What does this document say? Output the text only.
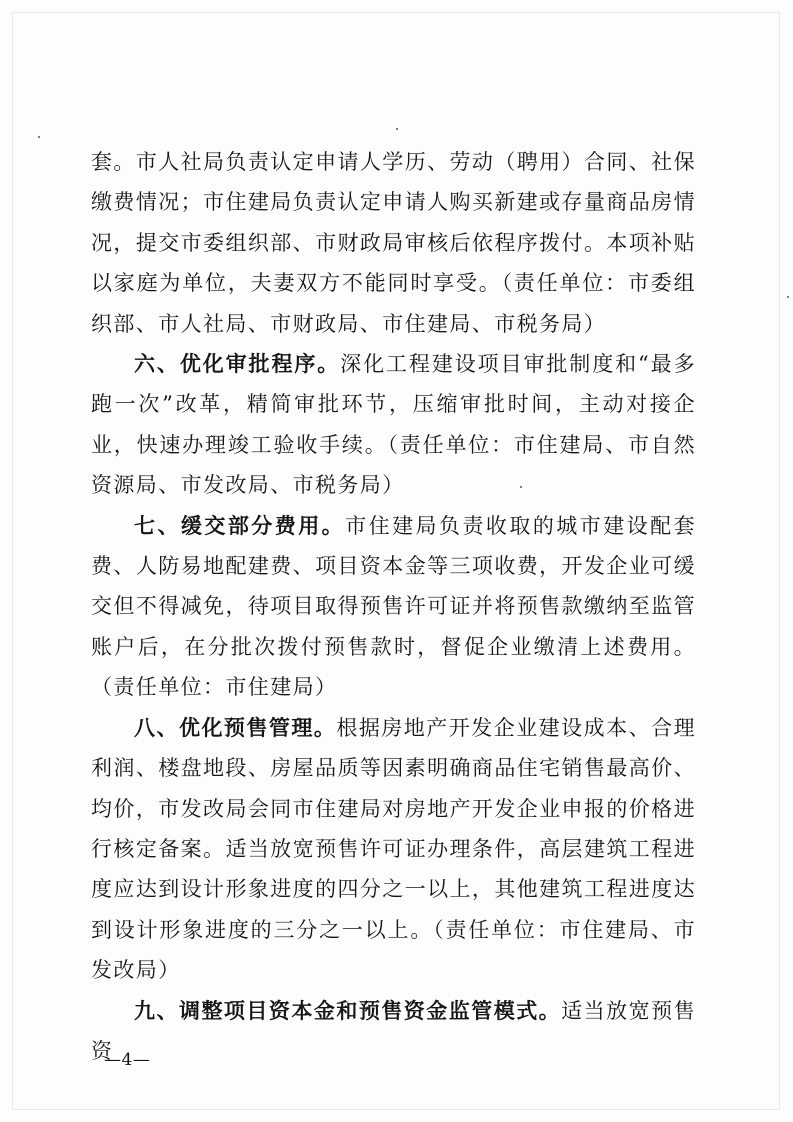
套。市人社局负责认定申请人学历、劳动（聘用）合同、社保缴费情况；市住建局负责认定申请人购买新建或存量商品房情况，提交市委组织部、市财政局审核后依程序拨付。本项补贴以家庭为单位，夫妻双方不能同时享受。（责任单位：市委组织部、市人社局、市财政局、市住建局、市税务局）

六、优化审批程序。深化工程建设项目审批制度和“最多跑一次”改革，精简审批环节，压缩审批时间，主动对接企业，快速办理竣工验收手续。（责任单位：市住建局、市自然资源局、市发改局、市税务局）

七、缓交部分费用。市住建局负责收取的城市建设配套费、人防易地配建费、项目资本金等三项收费，开发企业可缓交但不得减免，待项目取得预售许可证并将预售款缴纳至监管账户后，在分批次拨付预售款时，督促企业缴清上述费用。（责任单位：市住建局）

八、优化预售管理。根据房地产开发企业建设成本、合理利润、楼盘地段、房屋品质等因素明确商品住宅销售最高价、均价，市发改局会同市住建局对房地产开发企业申报的价格进行核定备案。适当放宽预售许可证办理条件，高层建筑工程进度应达到设计形象进度的四分之一以上，其他建筑工程进度达到设计形象进度的三分之一以上。（责任单位：市住建局、市发改局）

九、调整项目资本金和预售资金监管模式。适当放宽预售资

—4—
